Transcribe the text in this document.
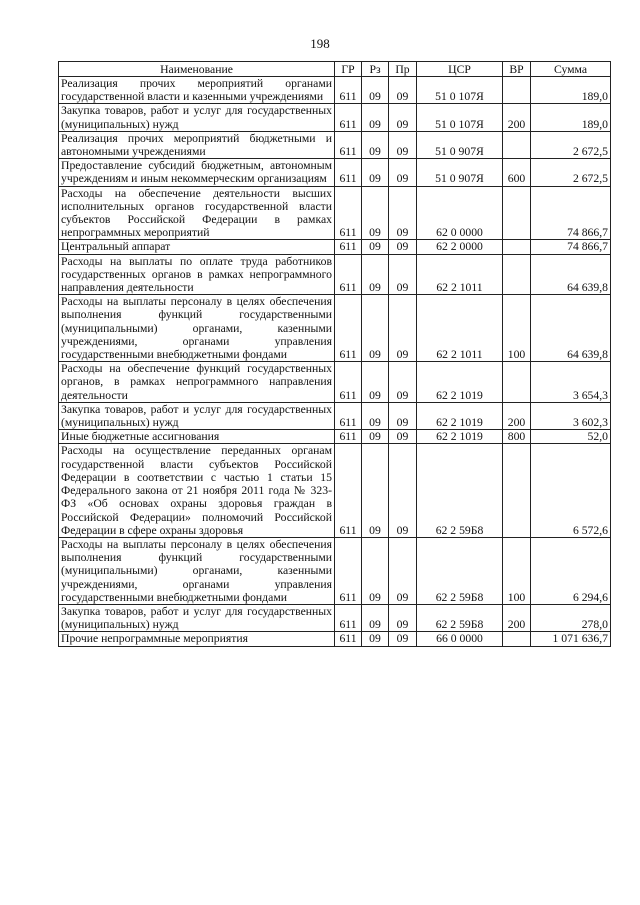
198
Наименование	ГР	Рз	Пр	ЦСР	ВР	Сумма
Реализация прочих мероприятий органами государственной власти и казенными учреждениями	611	09	09	51 0 107Я		189,0
Закупка товаров, работ и услуг для государственных (муниципальных) нужд	611	09	09	51 0 107Я	200	189,0
Реализация прочих мероприятий бюджетными и автономными учреждениями	611	09	09	51 0 907Я		2 672,5
Предоставление субсидий бюджетным, автономным учреждениям и иным некоммерческим организациям	611	09	09	51 0 907Я	600	2 672,5
Расходы на обеспечение деятельности высших исполнительных органов государственной власти субъектов Российской Федерации в рамках непрограммных мероприятий	611	09	09	62 0 0000		74 866,7
Центральный аппарат	611	09	09	62 2 0000		74 866,7
Расходы на выплаты по оплате труда работников государственных органов в рамках непрограммного направления деятельности	611	09	09	62 2 1011		64 639,8
Расходы на выплаты персоналу в целях обеспечения выполнения функций государственными (муниципальными) органами, казенными учреждениями, органами управления государственными внебюджетными фондами	611	09	09	62 2 1011	100	64 639,8
Расходы на обеспечение функций государственных органов, в рамках непрограммного направления деятельности	611	09	09	62 2 1019		3 654,3
Закупка товаров, работ и услуг для государственных (муниципальных) нужд	611	09	09	62 2 1019	200	3 602,3
Иные бюджетные ассигнования	611	09	09	62 2 1019	800	52,0
Расходы на осуществление переданных органам государственной власти субъектов Российской Федерации в соответствии с частью 1 статьи 15 Федерального закона от 21 ноября 2011 года № 323-ФЗ «Об основах охраны здоровья граждан в Российской Федерации» полномочий Российской Федерации в сфере охраны здоровья	611	09	09	62 2 59Б8		6 572,6
Расходы на выплаты персоналу в целях обеспечения выполнения функций государственными (муниципальными) органами, казенными учреждениями, органами управления государственными внебюджетными фондами	611	09	09	62 2 59Б8	100	6 294,6
Закупка товаров, работ и услуг для государственных (муниципальных) нужд	611	09	09	62 2 59Б8	200	278,0
Прочие непрограммные мероприятия	611	09	09	66 0 0000		1 071 636,7
